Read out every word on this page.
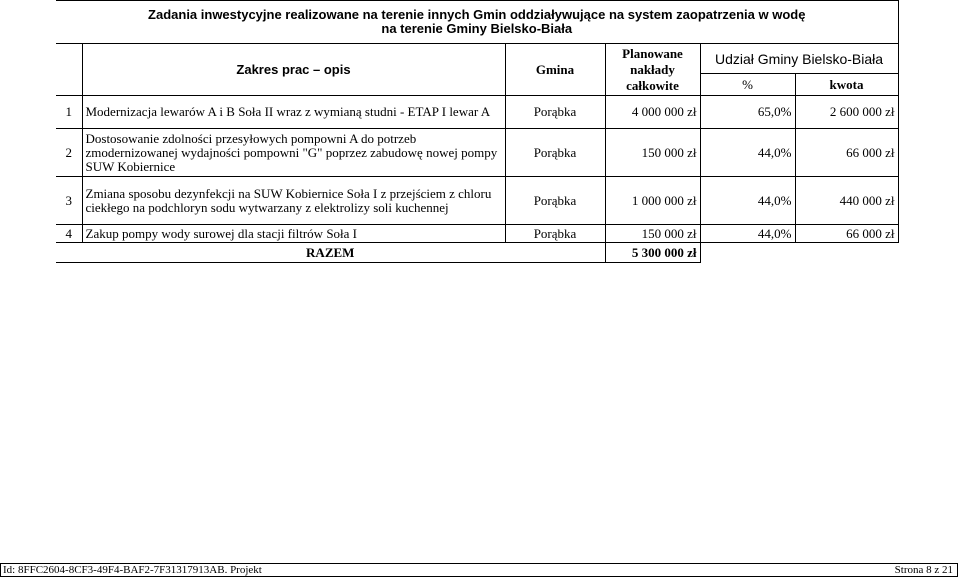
Zadania inwestycyjne realizowane na terenie innych Gmin oddziaływujące na system zaopatrzenia w wodę
na terenie Gminy Bielsko-Biała					

	Zakres prac – opis	Gmina	Planowane
nakłady
całkowite	Udział Gminy Bielsko-Biała	
				%	kwota
1	Modernizacja lewarów A i B Soła II wraz z wymianą studni - ETAP I lewar A	Porąbka	4 000 000 zł	65,0%	2 600 000 zł
2	Dostosowanie zdolności przesyłowych pompowni A do potrzeb zmodernizowanej wydajności pompowni "G" poprzez zabudowę nowej pompy SUW Kobiernice	Porąbka	150 000 zł	44,0%	66 000 zł
3	Zmiana sposobu dezynfekcji na SUW Kobiernice Soła I z przejściem z chloru ciekłego na podchloryn sodu wytwarzany z elektrolizy soli kuchennej	Porąbka	1 000 000 zł	44,0%	440 000 zł
4	Zakup pompy wody surowej dla stacji filtrów Soła I	Porąbka	150 000 zł	44,0%	66 000 zł
RAZEM			5 300 000 zł		
Id: 8FFC2604-8CF3-49F4-BAF2-7F31317913AB. Projekt	Strona 8 z 21
